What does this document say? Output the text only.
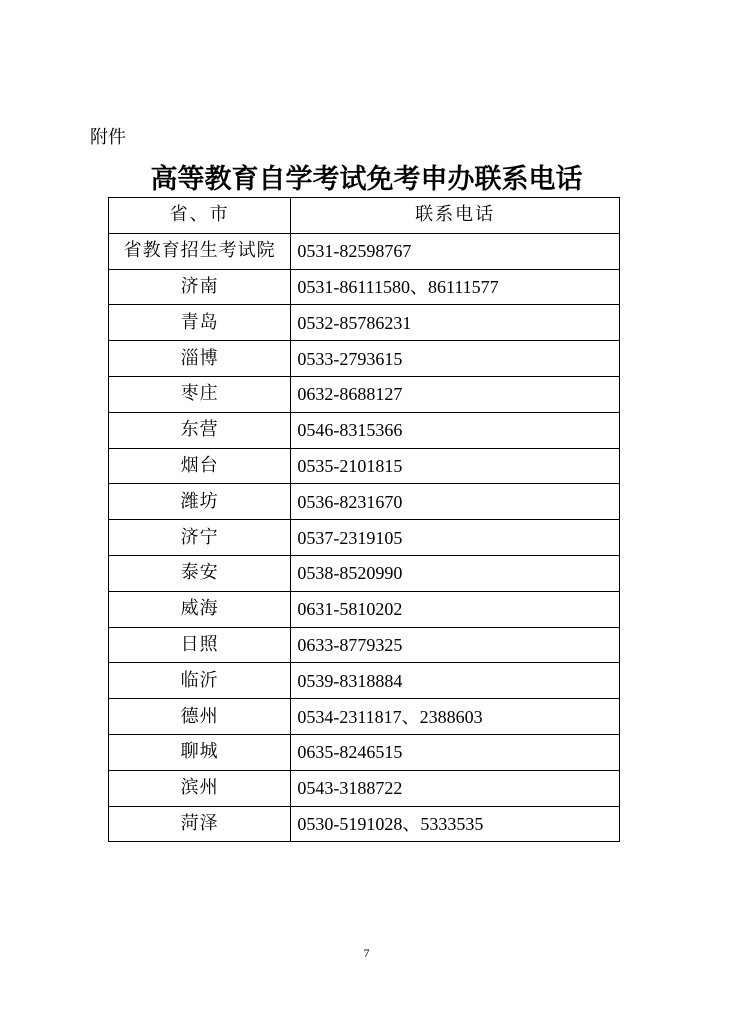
附件
高等教育自学考试免考申办联系电话
省、市	联系电话
省教育招生考试院	0531-82598767
济南	0531-86111580、86111577
青岛	0532-85786231
淄博	0533-2793615
枣庄	0632-8688127
东营	0546-8315366
烟台	0535-2101815
潍坊	0536-8231670
济宁	0537-2319105
泰安	0538-8520990
威海	0631-5810202
日照	0633-8779325
临沂	0539-8318884
德州	0534-2311817、2388603
聊城	0635-8246515
滨州	0543-3188722
菏泽	0530-5191028、5333535
7
